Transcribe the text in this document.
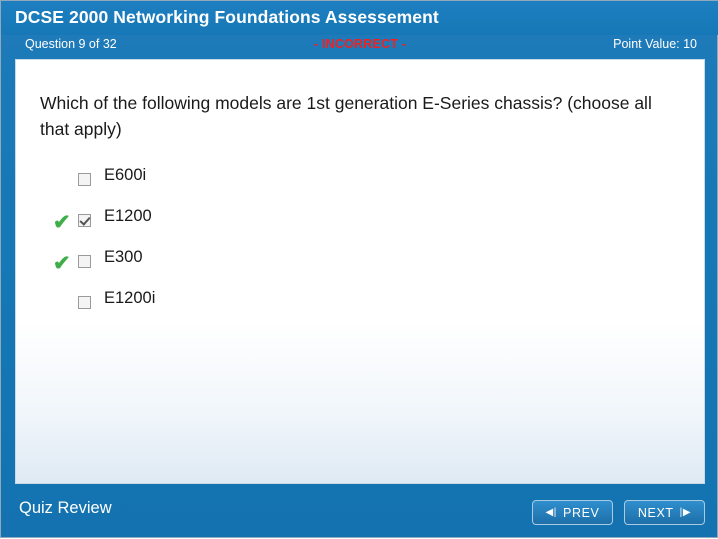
DCSE 2000 Networking Foundations Assessement
Question 9 of 32	- INCORRECT -	Point Value: 10
Which of the following models are 1st generation E-Series chassis? (choose all that apply)
E600i
✔ E1200
✔ E300
E1200i
Quiz Review	◀| PREV	NEXT |▶
